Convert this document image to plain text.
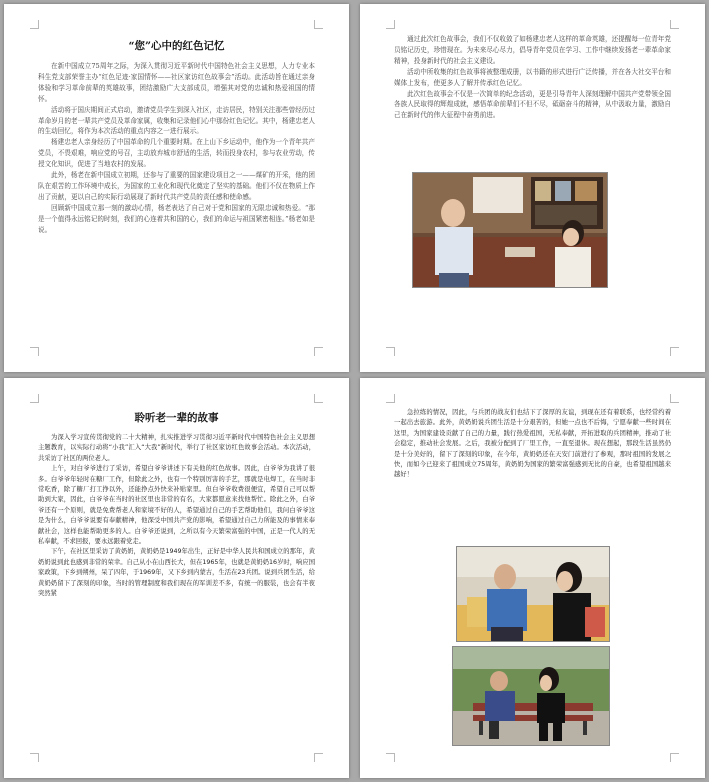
“您”心中的红色记忆

在新中国成立75周年之际，为深入贯彻习近平新时代中国特色社会主义思想，人力专业本科生党支部荣誉主办“红色足迹·家国情怀——社区家访红色故事会”活动。此活动旨在通过亲身体验和学习革命前辈的英雄故事，团结激励广大支部成员，增强其对党的忠诚和热爱祖国的情怀。

活动将于国庆期间正式启动，邀请党员学生到深入社区，走访居民，特别关注那些曾经历过革命岁月的老一辈共产党员及革命家属，收集和记录他们心中那份红色记忆。其中，杨建忠老人的生动回忆，将作为本次活动的重点内容之一进行展示。

杨建忠老人亲身经历了中国革命的几个重要时期。在上山下乡运动中，他作为一个青年共产党员，不畏艰难，响应党的号召，主动放弃城市舒适的生活，转而投身农村，参与农业劳动，传授文化知识，促进了当地农村的发展。

此外，杨老在新中国成立初期，还参与了重要的国家建设项目之一——煤矿的开采，他的团队在艰苦的工作环境中成长，为国家的工业化和现代化奠定了坚实的基础。他们不仅在物质上作出了贡献，更以自己的实际行动展现了新时代共产党员的责任感和使命感。

回顾新中国成立那一刻的激动心情，杨老表达了自己对于党和国家的无限忠诚和热爱。“那是一个值得永远铭记的时刻，我们的心连着共和国的心，我们的命运与祖国紧密相连。”杨老如是说。

通过此次红色故事会，我们不仅收敛了如杨建忠老人这样的革命英雄，还提醒每一位青年党员铭记历史，珍惜现在。为未来尽心尽力，倡导青年党员在学习、工作中继续发扬老一辈革命家精神，投身新时代的社会主义建设。

活动中所收集的红色故事将被整理成册，以书籍的形式进行广泛传播，并在各大社交平台和媒体上发布，使更多人了解并传承红色记忆。

此次红色故事会不仅是一次简单的纪念活动，更是引导青年人深刻理解中国共产党带领全国各族人民取得的辉煌成就，感悟革命前辈们不但不尽，砥砺奋斗的精神，从中汲取力量，激励自己在新时代的伟大征程中奋勇前进。

聆听老一辈的故事

为深入学习宣传贯彻党的二十大精神，扎实推进学习贯彻习近平新时代中国特色社会主义思想主题教育，以实际行动将“小我”汇入“大我”新时代，举行了社区家访红色故事会活动。本次活动，共采访了社区的两位老人。

上午，对白爷爷进行了采访，希望白爷爷讲述下有关他的红色故事。因此，白爷爷为我讲了很多。白爷爷年轻时在糖厂工作，但除此之外，也有一个特别厉害的手艺，那就是电焊工，在当时非常吃香，除了糖厂打工挣以外，还能挣点外快来补贴家里。但白爷爷收费很便宜，希望自己可以帮助到大家，因此，白爷爷在当时的社区里也非常的有名，大家都愿意来找他帮忙。除此之外，白爷爷还有一个原则，就是免费帮老人和家境不好的人，希望通过自己的手艺帮助他们，我问白爷爷这是为什么，白爷爷说要有奉献精神，他深受中国共产党的影响，希望通过自己力所能及的事情来奉献社会，这样也能帮助更多的人。白爷爷还说到，之所以有今天繁荣富强的中国，正是一代人的无私奉献，不求回报，要永远跟着党走。

下午，在社区里采访了黄奶奶，黄奶奶是1949年出生，正好是中华人民共和国成立的那年，黄奶奶说到此也感到非常的荣幸。自己从小在山西长大，但在1965年，也就是黄奶奶16岁时，响应国家政策，下乡到朔州，呆了四年，于1969年，又下乡到内蒙古，生活在23兵团。说到兵团生活，给黄奶奶留下了深刻的印象，当时的管理制度和我们现在的军训差不多，有统一的服装，也会有半夜突然紧

急拉练的情况，因此，与兵团的战友们也结下了深厚的友谊，到现在还有着联系，也经常约着一起出去旅游。此外，黄奶奶说兵团生活是十分艰苦的，但她一点也不后悔，宁愿奉献一些时间在这里，为国家建设贡献了自己的力量，践行热爱祖国，无私奉献，开拓进取的兵团精神，推动了社会稳定，推动社会发展。之后，我被分配到了厂里工作，一直至退休。现在想起，那段生活虽然仍是十分美好的，留下了深刻的印象，在今年，黄奶奶还在天安门前进行了参观，那时祖国的发展之快，而如今已迎来了祖国成立75周年，黄奶奶为国家的繁荣富强感到无比的自豪，也希望祖国越来越好！
